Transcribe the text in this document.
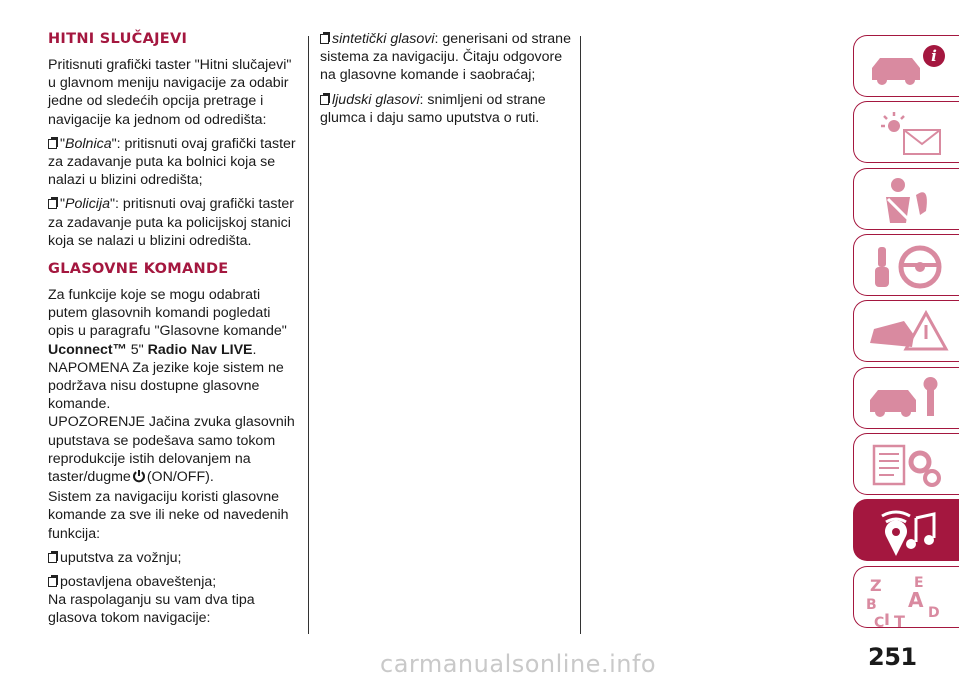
HITNI SLUČAJEVI

Pritisnuti grafički taster "Hitni slučajevi" u glavnom meniju navigacije za odabir jedne od sledećih opcija pretrage i navigacije ka jednom od odredišta:

"Bolnica": pritisnuti ovaj grafički taster za zadavanje puta ka bolnici koja se nalazi u blizini odredišta;

"Policija": pritisnuti ovaj grafički taster za zadavanje puta ka policijskoj stanici koja se nalazi u blizini odredišta.

GLASOVNE KOMANDE
Za funkcije koje se mogu odabrati putem glasovnih komandi pogledati opis u paragrafu "Glasovne komande"
Uconnect™ 5" Radio Nav LIVE.
NAPOMENA Za jezike koje sistem ne podržava nisu dostupne glasovne komande.
UPOZORENJE Jačina zvuka glasovnih uputstava se podešava samo tokom reprodukcije istih delovanjem na taster/dugme (ON/OFF).

Sistem za navigaciju koristi glasovne komande za sve ili neke od navedenih funkcija:

uputstva za vožnju;

postavljena obaveštenja;
Na raspolaganju su vam dva tipa glasova tokom navigacije:

sintetički glasovi: generisani od strane sistema za navigaciju. Čitaju odgovore na glasovne komande i saobraćaj;

ljudski glasovi: snimljeni od strane glumca i daju samo uputstva o ruti.

i
Z E
B A
D
I T
C
251
carmanualsonline.info
